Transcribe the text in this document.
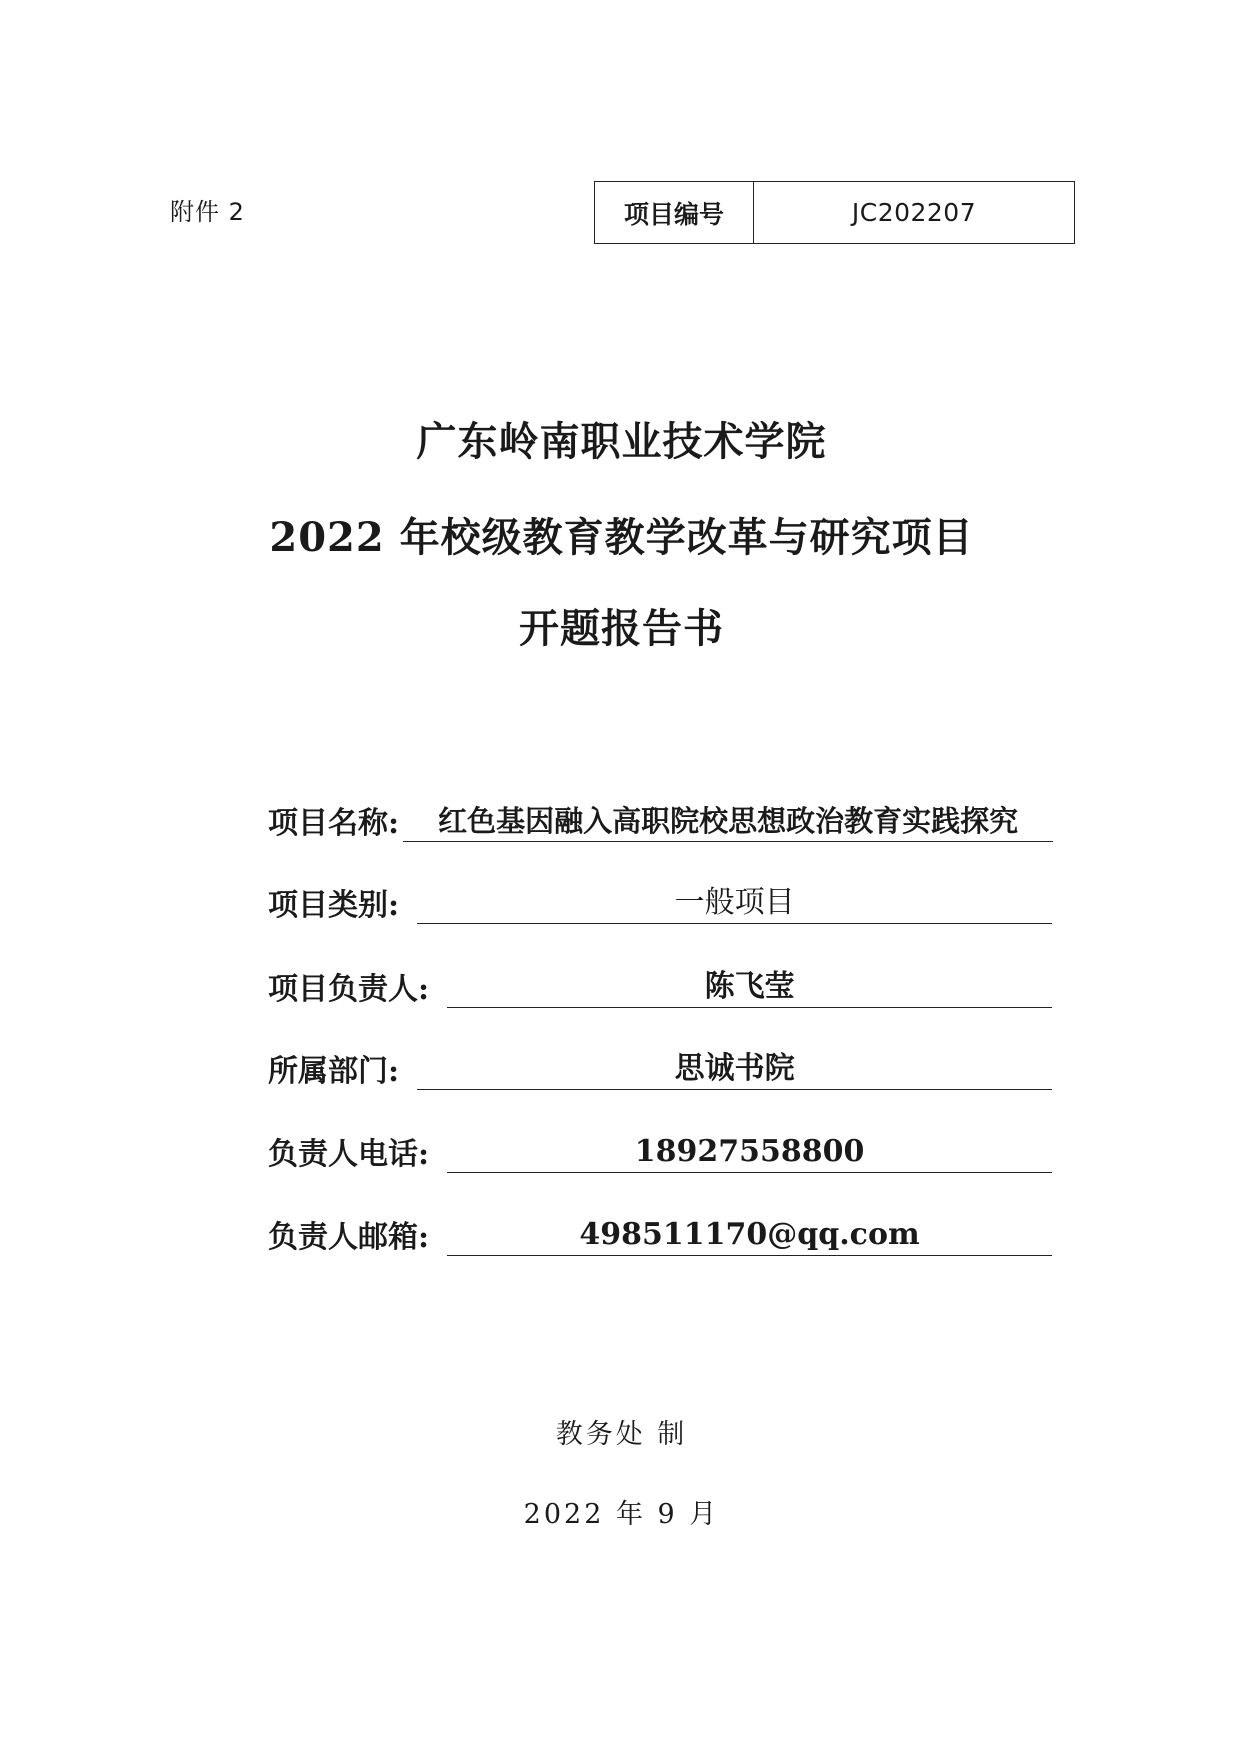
附件 2	项目编号	JC202207
广东岭南职业技术学院
2022 年校级教育教学改革与研究项目
开题报告书
项目名称:	红色基因融入高职院校思想政治教育实践探究
项目类别:	一般项目
项目负责人:	陈飞莹
所属部门:	思诚书院
负责人电话:	18927558800
负责人邮箱:	498511170@qq.com
教务处 制
2022 年 9 月
